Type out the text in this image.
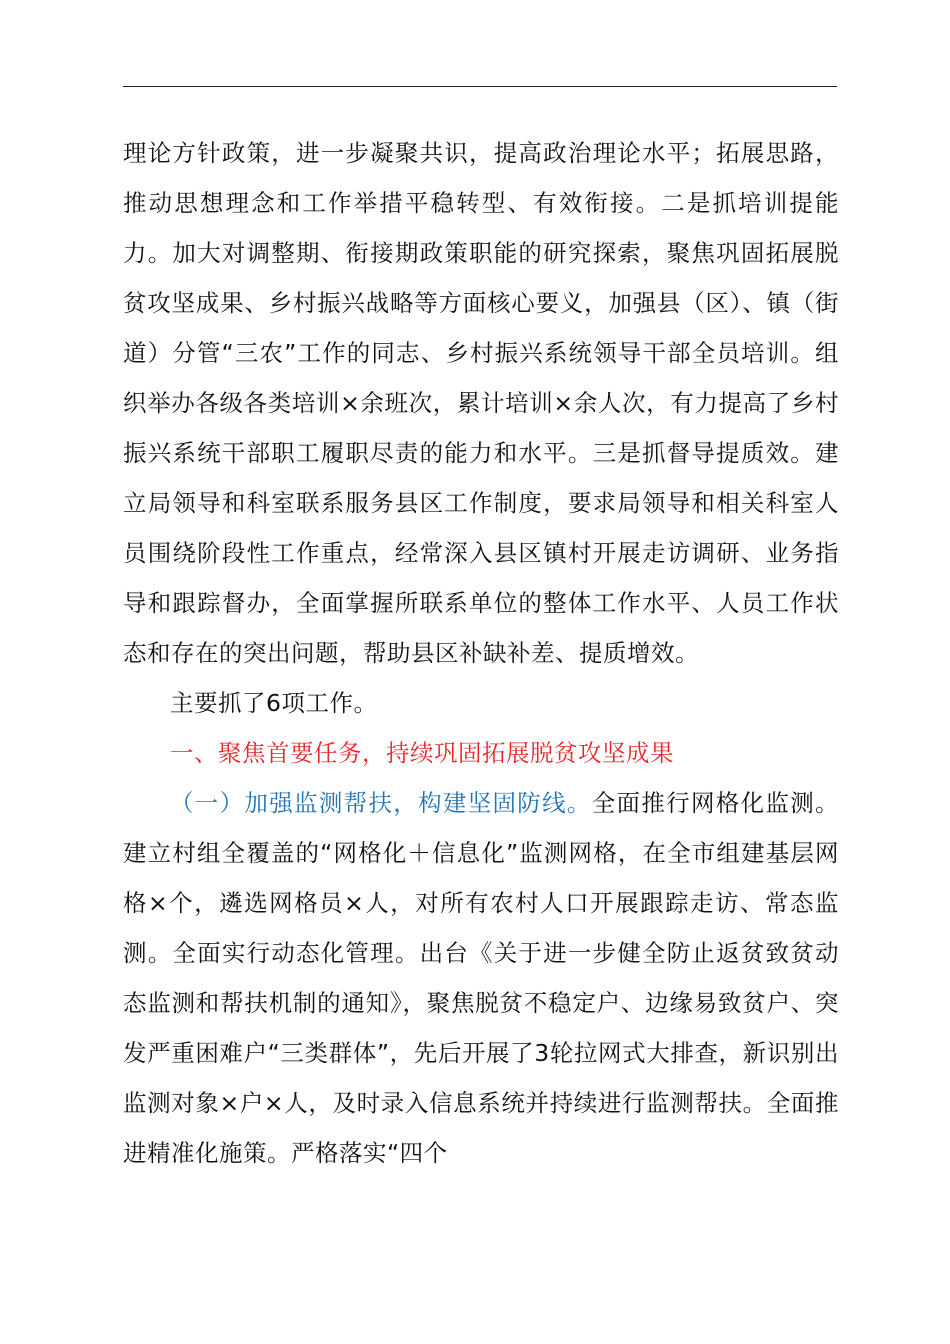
理论方针政策，进一步凝聚共识，提高政治理论水平；拓展思路，推动思想理念和工作举措平稳转型、有效衔接。二是抓培训提能力。加大对调整期、衔接期政策职能的研究探索，聚焦巩固拓展脱贫攻坚成果、乡村振兴战略等方面核心要义，加强县（区）、镇（街道）分管“三农”工作的同志、乡村振兴系统领导干部全员培训。组织举办各级各类培训×余班次，累计培训×余人次，有力提高了乡村振兴系统干部职工履职尽责的能力和水平。三是抓督导提质效。建立局领导和科室联系服务县区工作制度，要求局领导和相关科室人员围绕阶段性工作重点，经常深入县区镇村开展走访调研、业务指导和跟踪督办，全面掌握所联系单位的整体工作水平、人员工作状态和存在的突出问题，帮助县区补缺补差、提质增效。

主要抓了6项工作。

一、聚焦首要任务，持续巩固拓展脱贫攻坚成果

（一）加强监测帮扶，构建坚固防线。全面推行网格化监测。建立村组全覆盖的“网格化＋信息化”监测网格，在全市组建基层网格×个，遴选网格员×人，对所有农村人口开展跟踪走访、常态监测。全面实行动态化管理。出台《关于进一步健全防止返贫致贫动态监测和帮扶机制的通知》，聚焦脱贫不稳定户、边缘易致贫户、突发严重困难户“三类群体”，先后开展了3轮拉网式大排查，新识别出监测对象×户×人，及时录入信息系统并持续进行监测帮扶。全面推进精准化施策。严格落实“四个
